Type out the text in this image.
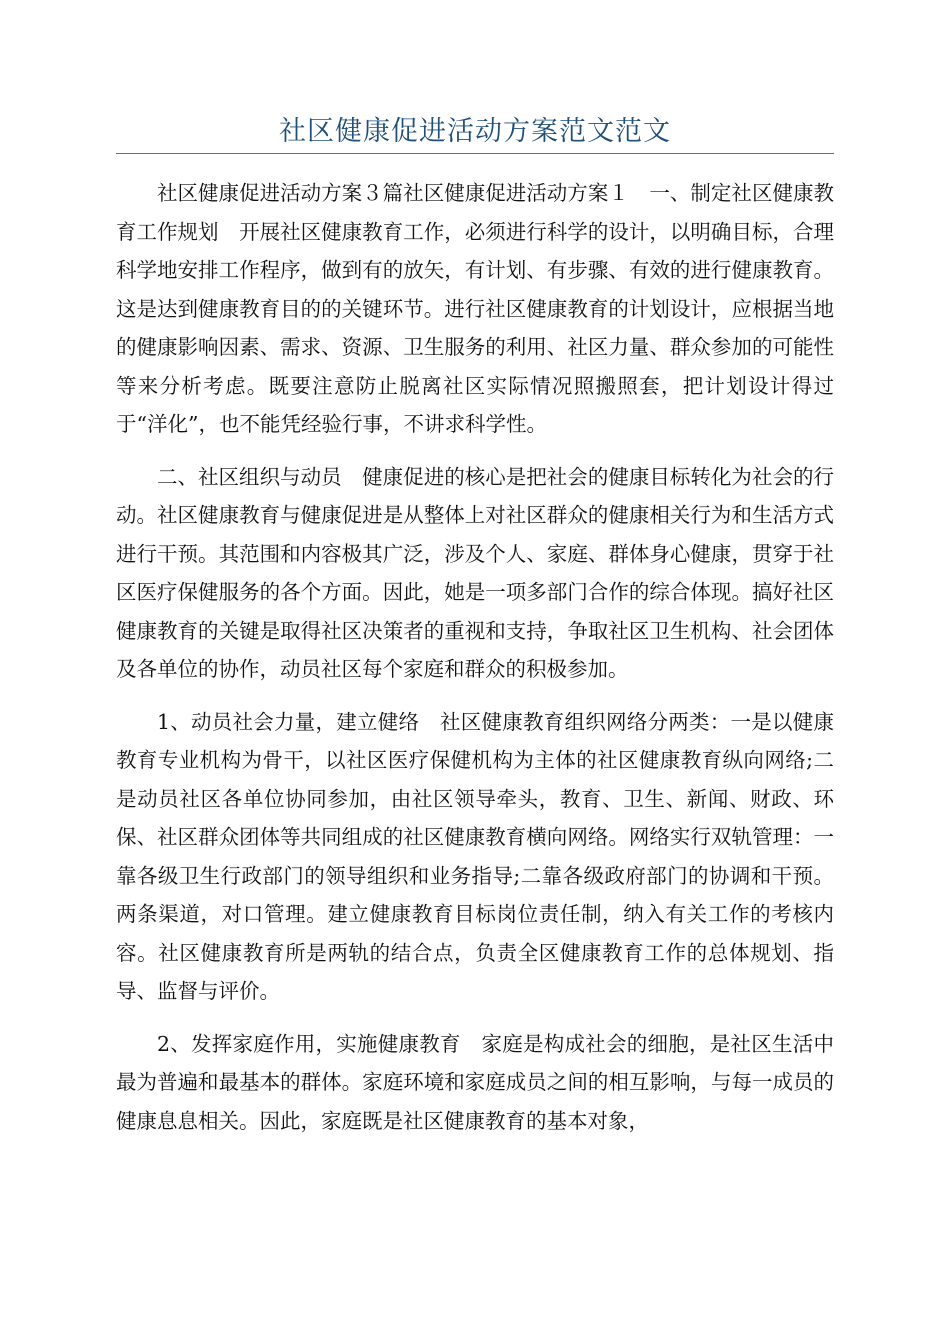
社区健康促进活动方案范文范文

社区健康促进活动方案３篇社区健康促进活动方案１　一、制定社区健康教育工作规划　开展社区健康教育工作，必须进行科学的设计，以明确目标，合理科学地安排工作程序，做到有的放矢，有计划、有步骤、有效的进行健康教育。这是达到健康教育目的的关键环节。进行社区健康教育的计划设计，应根据当地的健康影响因素、需求、资源、卫生服务的利用、社区力量、群众参加的可能性等来分析考虑。既要注意防止脱离社区实际情况照搬照套，把计划设计得过于“洋化”，也不能凭经验行事，不讲求科学性。

二、社区组织与动员　健康促进的核心是把社会的健康目标转化为社会的行动。社区健康教育与健康促进是从整体上对社区群众的健康相关行为和生活方式进行干预。其范围和内容极其广泛，涉及个人、家庭、群体身心健康，贯穿于社区医疗保健服务的各个方面。因此，她是一项多部门合作的综合体现。搞好社区健康教育的关键是取得社区决策者的重视和支持，争取社区卫生机构、社会团体及各单位的协作，动员社区每个家庭和群众的积极参加。

1、动员社会力量，建立健络　社区健康教育组织网络分两类：一是以健康教育专业机构为骨干，以社区医疗保健机构为主体的社区健康教育纵向网络;二是动员社区各单位协同参加，由社区领导牵头，教育、卫生、新闻、财政、环保、社区群众团体等共同组成的社区健康教育横向网络。网络实行双轨管理：一靠各级卫生行政部门的领导组织和业务指导;二靠各级政府部门的协调和干预。两条渠道，对口管理。建立健康教育目标岗位责任制，纳入有关工作的考核内容。社区健康教育所是两轨的结合点，负责全区健康教育工作的总体规划、指导、监督与评价。

2、发挥家庭作用，实施健康教育　家庭是构成社会的细胞，是社区生活中最为普遍和最基本的群体。家庭环境和家庭成员之间的相互影响，与每一成员的健康息息相关。因此，家庭既是社区健康教育的基本对象，
